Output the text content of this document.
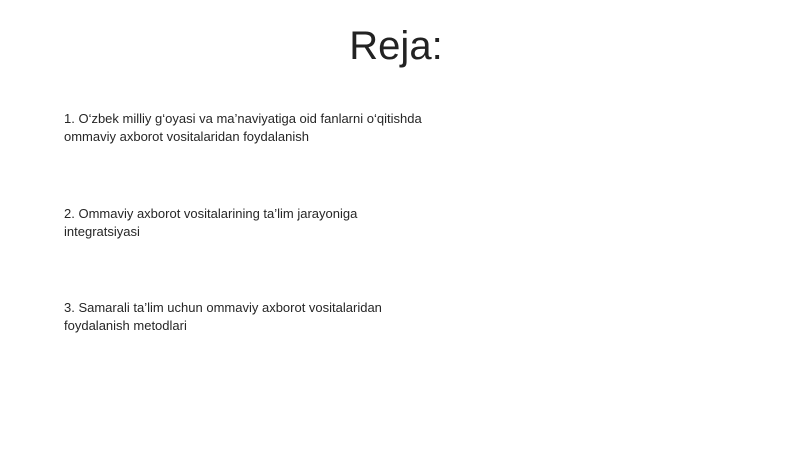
Reja:
1. O‘zbek milliy g‘oyasi va ma’naviyatiga oid fanlarni o‘qitishda ommaviy axborot vositalaridan foydalanish
2. Ommaviy axborot vositalarining ta’lim jarayoniga integratsiyasi
3. Samarali ta’lim uchun ommaviy axborot vositalaridan foydalanish metodlari
